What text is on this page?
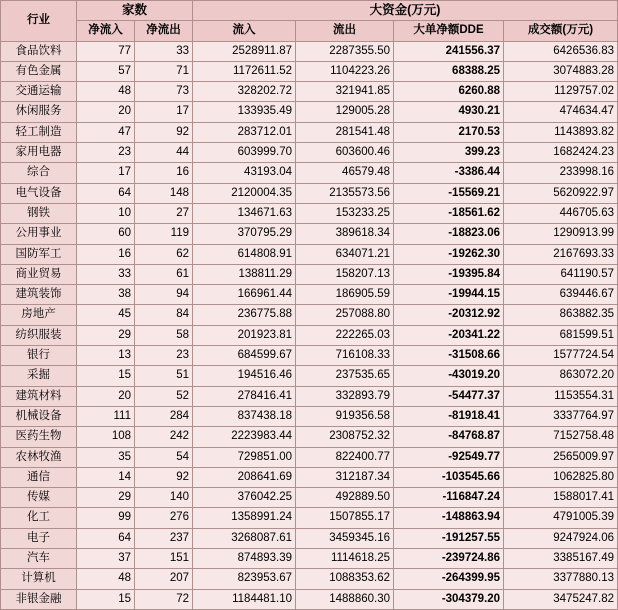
行业	家数		大资金(万元)			
	净流入	净流出	流入	流出	大单净额DDE	成交额(万元)
食品饮料	77	33	2528911.87	2287355.50	241556.37	6426536.83
有色金属	57	71	1172611.52	1104223.26	68388.25	3074883.28
交通运输	48	73	328202.72	321941.85	6260.88	1129757.02
休闲服务	20	17	133935.49	129005.28	4930.21	474634.47
轻工制造	47	92	283712.01	281541.48	2170.53	1143893.82
家用电器	23	44	603999.70	603600.46	399.23	1682424.23
综合	17	16	43193.04	46579.48	-3386.44	233998.16
电气设备	64	148	2120004.35	2135573.56	-15569.21	5620922.97
钢铁	10	27	134671.63	153233.25	-18561.62	446705.63
公用事业	60	119	370795.29	389618.34	-18823.06	1290913.99
国防军工	16	62	614808.91	634071.21	-19262.30	2167693.33
商业贸易	33	61	138811.29	158207.13	-19395.84	641190.57
建筑装饰	38	94	166961.44	186905.59	-19944.15	639446.67
房地产	45	84	236775.88	257088.80	-20312.92	863882.35
纺织服装	29	58	201923.81	222265.03	-20341.22	681599.51
银行	13	23	684599.67	716108.33	-31508.66	1577724.54
采掘	15	51	194516.46	237535.65	-43019.20	863072.20
建筑材料	20	52	278416.41	332893.79	-54477.37	1153554.31
机械设备	111	284	837438.18	919356.58	-81918.41	3337764.97
医药生物	108	242	2223983.44	2308752.32	-84768.87	7152758.48
农林牧渔	35	54	729851.00	822400.77	-92549.77	2565009.97
通信	14	92	208641.69	312187.34	-103545.66	1062825.80
传媒	29	140	376042.25	492889.50	-116847.24	1588017.41
化工	99	276	1358991.24	1507855.17	-148863.94	4791005.39
电子	64	237	3268087.61	3459345.16	-191257.55	9247924.06
汽车	37	151	874893.39	1114618.25	-239724.86	3385167.49
计算机	48	207	823953.67	1088353.62	-264399.95	3377880.13
非银金融	15	72	1184481.10	1488860.30	-304379.20	3475247.82
